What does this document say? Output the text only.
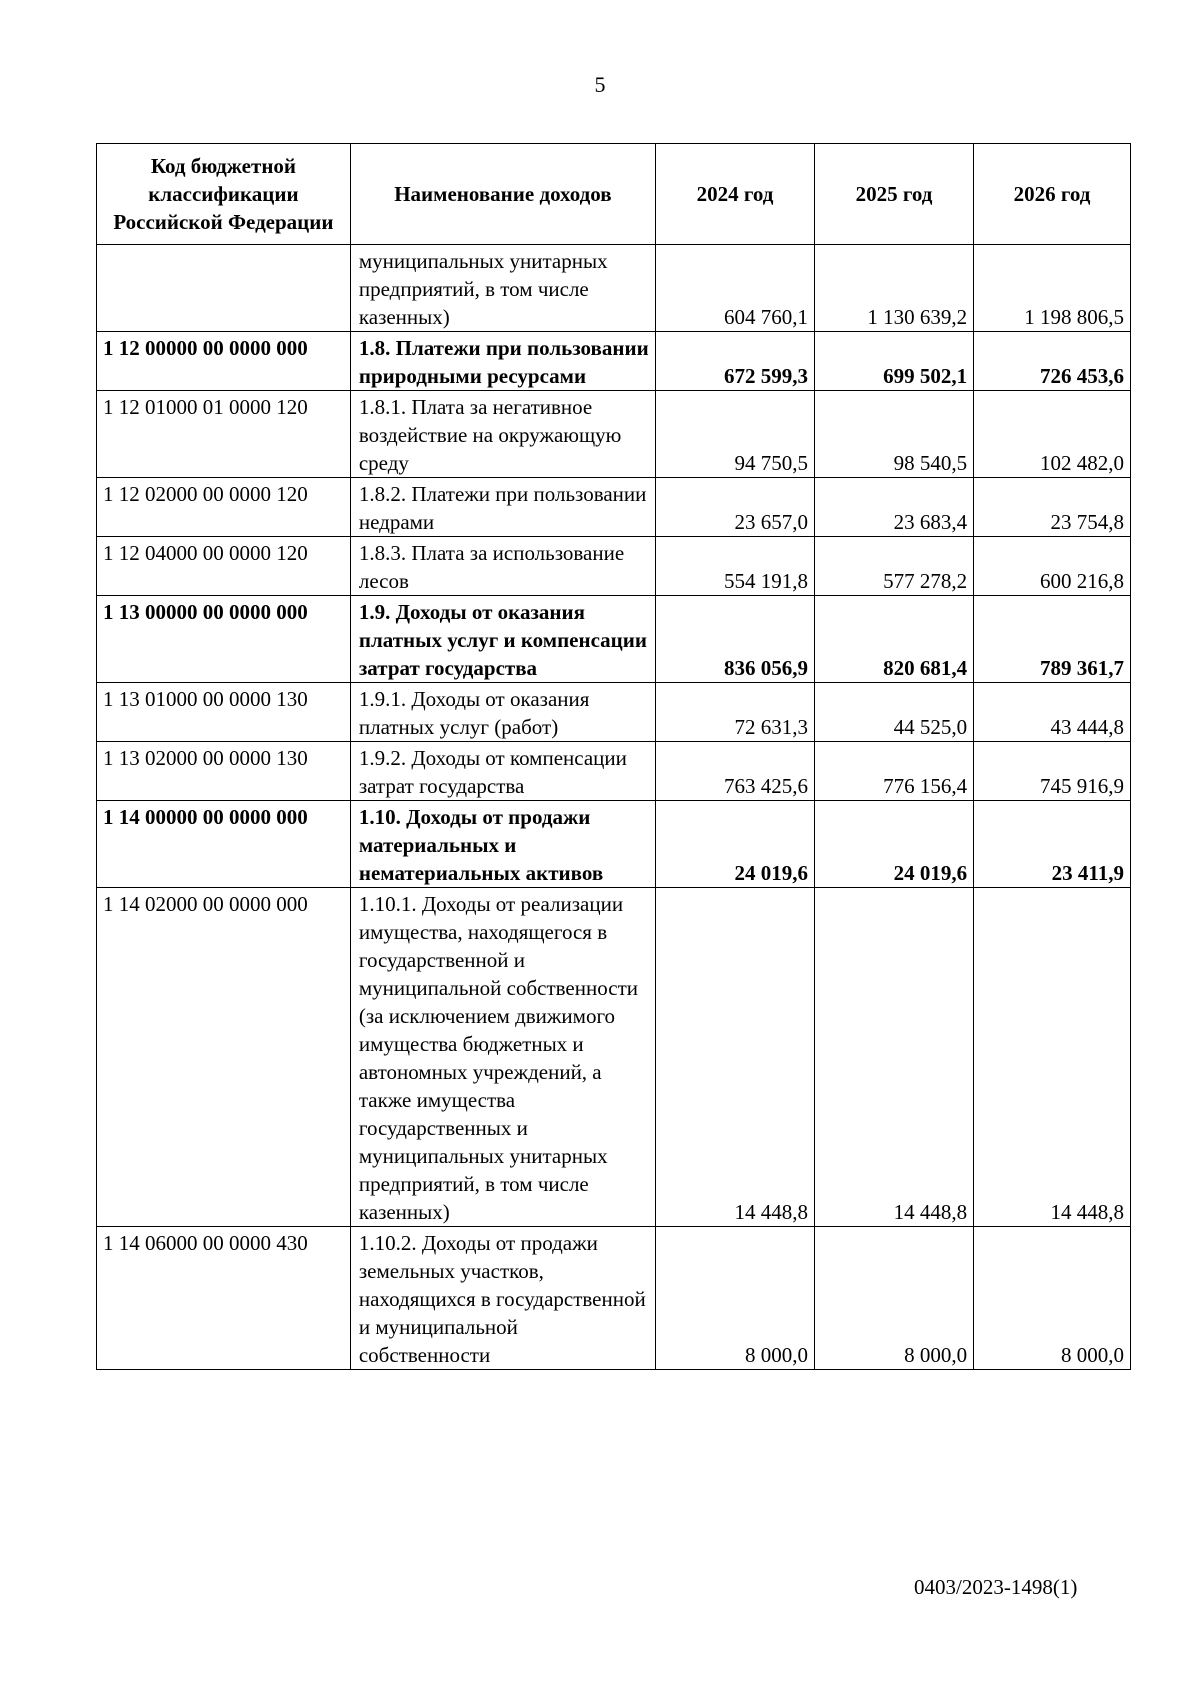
5
Код бюджетной классификации Российской Федерации	Наименование доходов	2024 год	2025 год	2026 год
	муниципальных унитарных предприятий, в том числе казенных)	604 760,1	1 130 639,2	1 198 806,5
1 12 00000 00 0000 000	1.8. Платежи при пользовании природными ресурсами	672 599,3	699 502,1	726 453,6
1 12 01000 01 0000 120	1.8.1. Плата за негативное воздействие на окружающую среду	94 750,5	98 540,5	102 482,0
1 12 02000 00 0000 120	1.8.2. Платежи при пользовании недрами	23 657,0	23 683,4	23 754,8
1 12 04000 00 0000 120	1.8.3. Плата за использование лесов	554 191,8	577 278,2	600 216,8
1 13 00000 00 0000 000	1.9. Доходы от оказания платных услуг и компенсации затрат государства	836 056,9	820 681,4	789 361,7
1 13 01000 00 0000 130	1.9.1. Доходы от оказания платных услуг (работ)	72 631,3	44 525,0	43 444,8
1 13 02000 00 0000 130	1.9.2. Доходы от компенсации затрат государства	763 425,6	776 156,4	745 916,9
1 14 00000 00 0000 000	1.10. Доходы от продажи материальных и нематериальных активов	24 019,6	24 019,6	23 411,9
1 14 02000 00 0000 000	1.10.1. Доходы от реализации имущества, находящегося в государственной и муниципальной собственности (за исключением движимого имущества бюджетных и автономных учреждений, а также имущества государственных и муниципальных унитарных предприятий, в том числе казенных)	14 448,8	14 448,8	14 448,8
1 14 06000 00 0000 430	1.10.2. Доходы от продажи земельных участков, находящихся в государственной и муниципальной собственности	8 000,0	8 000,0	8 000,0
0403/2023-1498(1)
